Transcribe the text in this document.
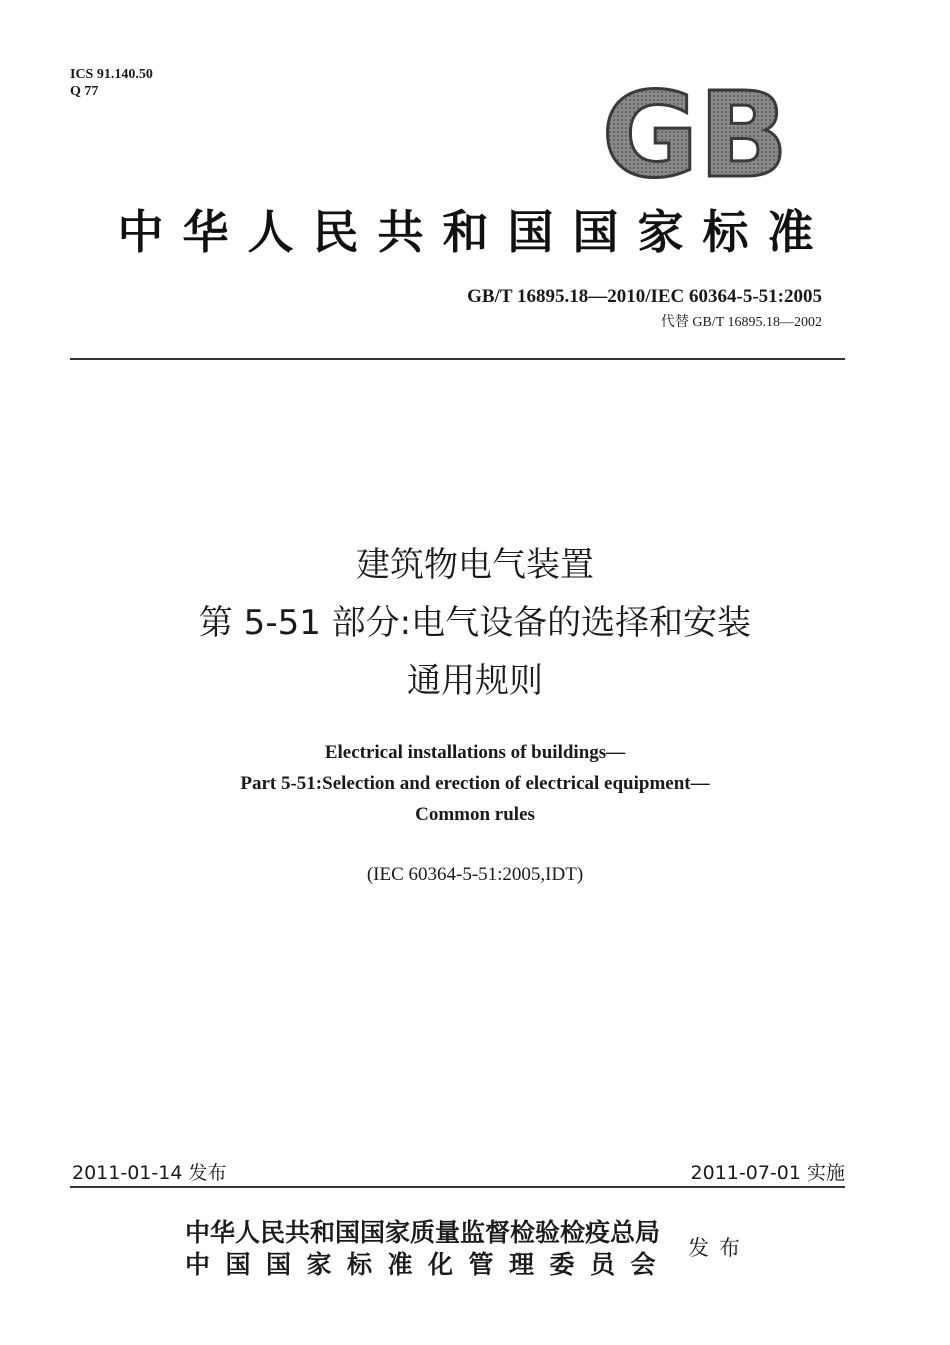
ICS 91.140.50
Q 77	GB
中华人民共和国国家标准
GB/T 16895.18—2010/IEC 60364-5-51:2005
代替 GB/T 16895.18—2002
建筑物电气装置
第 5-51 部分:电气设备的选择和安装
通用规则
Electrical installations of buildings—
Part 5-51:Selection and erection of electrical equipment—
Common rules
(IEC 60364-5-51:2005,IDT)
2011-01-14 发布	2011-07-01 实施
中华人民共和国国家质量监督检验检疫总局
中国国家标准化管理委员会
发布
